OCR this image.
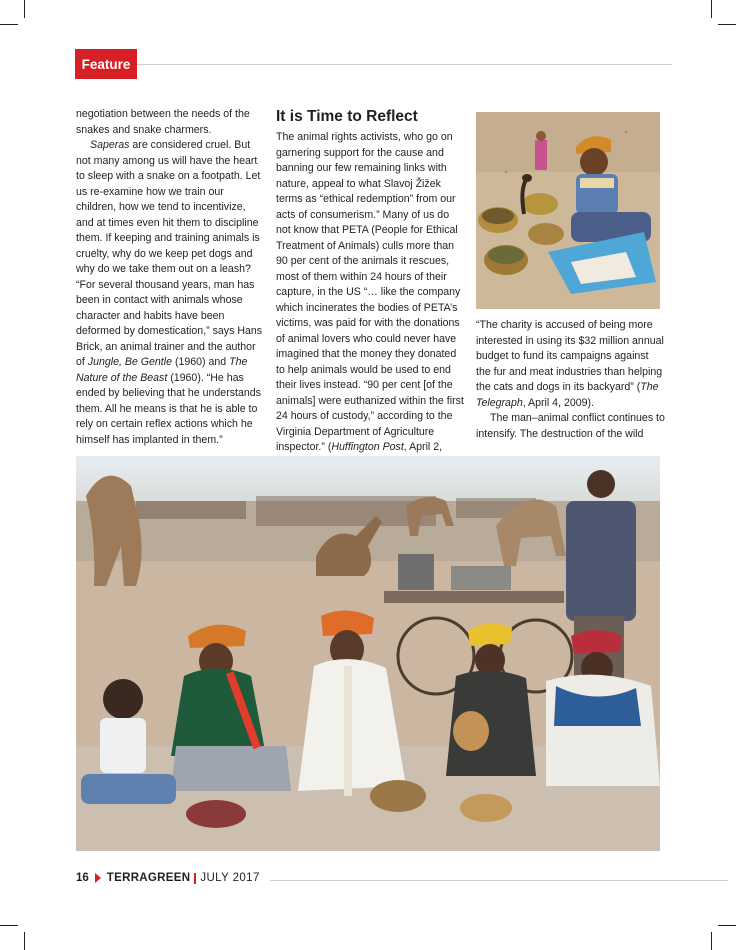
Feature

negotiation between the needs of the snakes and snake charmers.

Saperas are considered cruel. But not many among us will have the heart to sleep with a snake on a footpath. Let us re-examine how we train our children, how we tend to incentivize, and at times even hit them to discipline them. If keeping and training animals is cruelty, why do we keep pet dogs and why do we take them out on a leash? “For several thousand years, man has been in contact with animals whose character and habits have been deformed by domestication,” says Hans Brick, an animal trainer and the author of Jungle, Be Gentle (1960) and The Nature of the Beast (1960). “He has ended by believing that he understands them. All he means is that he is able to rely on certain reflex actions which he himself has implanted in them.”

It is Time to Reflect

The animal rights activists, who go on garnering support for the cause and banning our few remaining links with nature, appeal to what Slavoj Žižek terms as “ethical redemption” from our acts of consumerism.” Many of us do not know that PETA (People for Ethical Treatment of Animals) culls more than 90 per cent of the animals it rescues, most of them within 24 hours of their capture, in the US “… like the company which incinerates the bodies of PETA’s victims, was paid for with the donations of animal lovers who could never have imagined that the money they donated to help animals would be used to end their lives instead. “90 per cent [of the animals] were euthanized within the first 24 hours of custody,” according to the Virginia Department of Agriculture inspector.” (Huffington Post, April 2,

“The charity is accused of being more interested in using its $32 million annual budget to fund its campaigns against the fur and meat industries than helping the cats and dogs in its backyard” (The Telegraph, April 4, 2009).

The man–animal conflict continues to intensify. The destruction of the wild

16 TERRAGREEN JULY 2017
